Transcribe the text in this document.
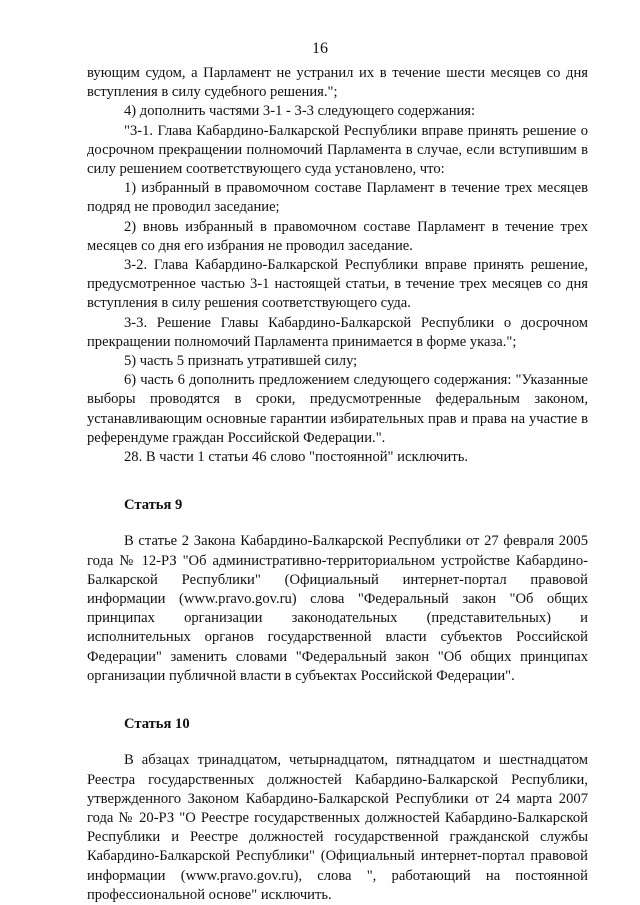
16

вующим судом, а Парламент не устранил их в течение шести месяцев со дня вступления в силу судебного решения.";

4) дополнить частями 3-1 - 3-3 следующего содержания:

"3-1. Глава Кабардино-Балкарской Республики вправе принять решение о досрочном прекращении полномочий Парламента в случае, если вступившим в силу решением соответствующего суда установлено, что:

1) избранный в правомочном составе Парламент в течение трех месяцев подряд не проводил заседание;

2) вновь избранный в правомочном составе Парламент в течение трех месяцев со дня его избрания не проводил заседание.

3-2. Глава Кабардино-Балкарской Республики вправе принять решение, предусмотренное частью 3-1 настоящей статьи, в течение трех месяцев со дня вступления в силу решения соответствующего суда.

3-3. Решение Главы Кабардино-Балкарской Республики о досрочном прекращении полномочий Парламента принимается в форме указа.";

5) часть 5 признать утратившей силу;

6) часть 6 дополнить предложением следующего содержания: "Указанные выборы проводятся в сроки, предусмотренные федеральным законом, устанавливающим основные гарантии избирательных прав и права на участие в референдуме граждан Российской Федерации.".

28. В части 1 статьи 46 слово "постоянной" исключить.

Статья 9

В статье 2 Закона Кабардино-Балкарской Республики от 27 февраля 2005 года № 12-РЗ "Об административно-территориальном устройстве Кабардино-Балкарской Республики" (Официальный интернет-портал правовой информации (www.pravo.gov.ru) слова "Федеральный закон "Об общих принципах организации законодательных (представительных) и исполнительных органов государственной власти субъектов Российской Федерации" заменить словами "Федеральный закон "Об общих принципах организации публичной власти в субъектах Российской Федерации".

Статья 10

В абзацах тринадцатом, четырнадцатом, пятнадцатом и шестнадцатом Реестра государственных должностей Кабардино-Балкарской Республики, утвержденного Законом Кабардино-Балкарской Республики от 24 марта 2007 года № 20-РЗ "О Реестре государственных должностей Кабардино-Балкарской Республики и Реестре должностей государственной гражданской службы Кабардино-Балкарской Республики" (Официальный интернет-портал правовой информации (www.pravo.gov.ru), слова ", работающий на постоянной профессиональной основе" исключить.
